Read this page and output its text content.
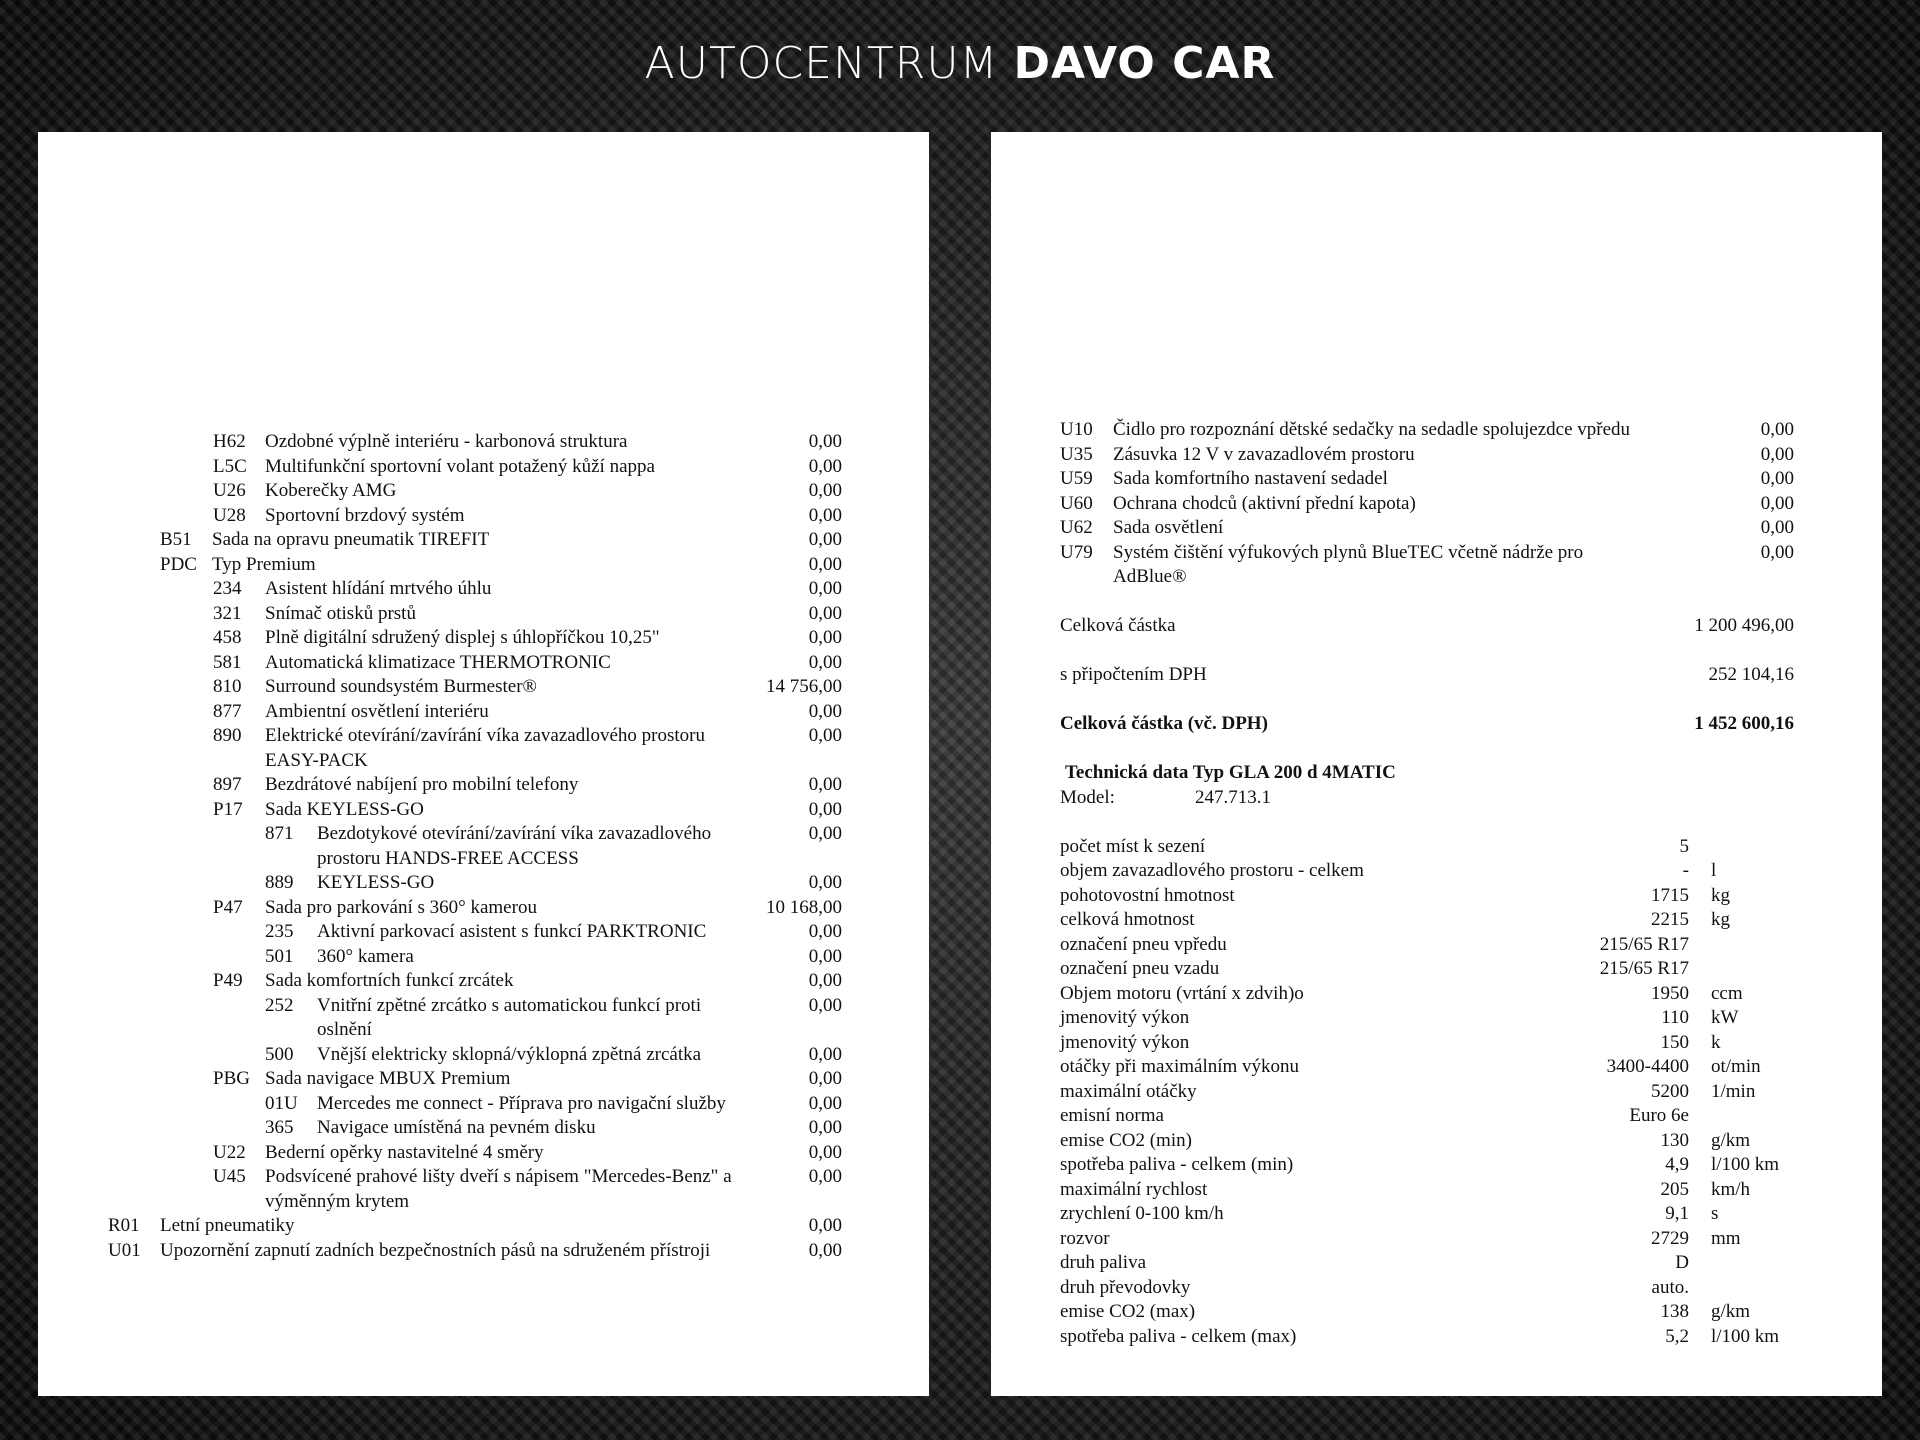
AUTOCENTRUM DAVO CAR
H62 Ozdobné výplně interiéru - karbonová struktura	0,00
L5C Multifunkční sportovní volant potažený kůží nappa	0,00
U26 Koberečky AMG	0,00
U28 Sportovní brzdový systém	0,00
B51 Sada na opravu pneumatik TIREFIT	0,00
PDC Typ Premium	0,00
234 Asistent hlídání mrtvého úhlu	0,00
321 Snímač otisků prstů	0,00
458 Plně digitální sdružený displej s úhlopříčkou 10,25"	0,00
581 Automatická klimatizace THERMOTRONIC	0,00
810 Surround soundsystém Burmester®	14 756,00
877 Ambientní osvětlení interiéru	0,00
890 Elektrické otevírání/zavírání víka zavazadlového prostoru EASY-PACK
0,00
897 Bezdrátové nabíjení pro mobilní telefony	0,00
P17 Sada KEYLESS-GO	0,00
871 Bezdotykové otevírání/zavírání víka zavazadlového prostoru HANDS-FREE ACCESS
0,00
889 KEYLESS-GO	0,00
P47 Sada pro parkování s 360° kamerou	10 168,00
235 Aktivní parkovací asistent s funkcí PARKTRONIC	0,00
501 360° kamera	0,00
P49 Sada komfortních funkcí zrcátek	0,00
252 Vnitřní zpětné zrcátko s automatickou funkcí proti oslnění
0,00
500 Vnější elektricky sklopná/výklopná zpětná zrcátka	0,00
PBG Sada navigace MBUX Premium	0,00
01U Mercedes me connect - Příprava pro navigační služby	0,00
365 Navigace umístěná na pevném disku	0,00
U22 Bederní opěrky nastavitelné 4 směry	0,00
U45 Podsvícené prahové lišty dveří s nápisem "Mercedes-Benz" a výměnným krytem
0,00
R01 Letní pneumatiky	0,00
U01 Upozornění zapnutí zadních bezpečnostních pásů na sdruženém přístroji	0,00
U10 Čidlo pro rozpoznání dětské sedačky na sedadle spolujezdce vpředu	0,00
U35 Zásuvka 12 V v zavazadlovém prostoru	0,00
U59 Sada komfortního nastavení sedadel	0,00
U60 Ochrana chodců (aktivní přední kapota)	0,00
U62 Sada osvětlení	0,00
U79 Systém čištění výfukových plynů BlueTEC včetně nádrže pro AdBlue®
0,00
Celková částka	1 200 496,00
s připočtením DPH	252 104,16
Celková částka (vč. DPH)	1 452 600,16
Technická data Typ GLA 200 d 4MATIC
Model:	247.713.1
počet míst k sezení	5
objem zavazadlového prostoru - celkem	- l
pohotovostní hmotnost	1715 kg
celková hmotnost	2215 kg
označení pneu vpředu	215/65 R17
označení pneu vzadu	215/65 R17
Objem motoru (vrtání x zdvih)o	1950 ccm
jmenovitý výkon	110 kW
jmenovitý výkon	150 k
otáčky při maximálním výkonu	3400-4400 ot/min
maximální otáčky	5200 1/min
emisní norma	Euro 6e
emise CO2 (min)	130 g/km
spotřeba paliva - celkem (min)	4,9 l/100 km
maximální rychlost	205 km/h
zrychlení 0-100 km/h	9,1 s
rozvor	2729 mm
druh paliva	D
druh převodovky	auto.
emise CO2 (max)	138 g/km
spotřeba paliva - celkem (max)	5,2 l/100 km
